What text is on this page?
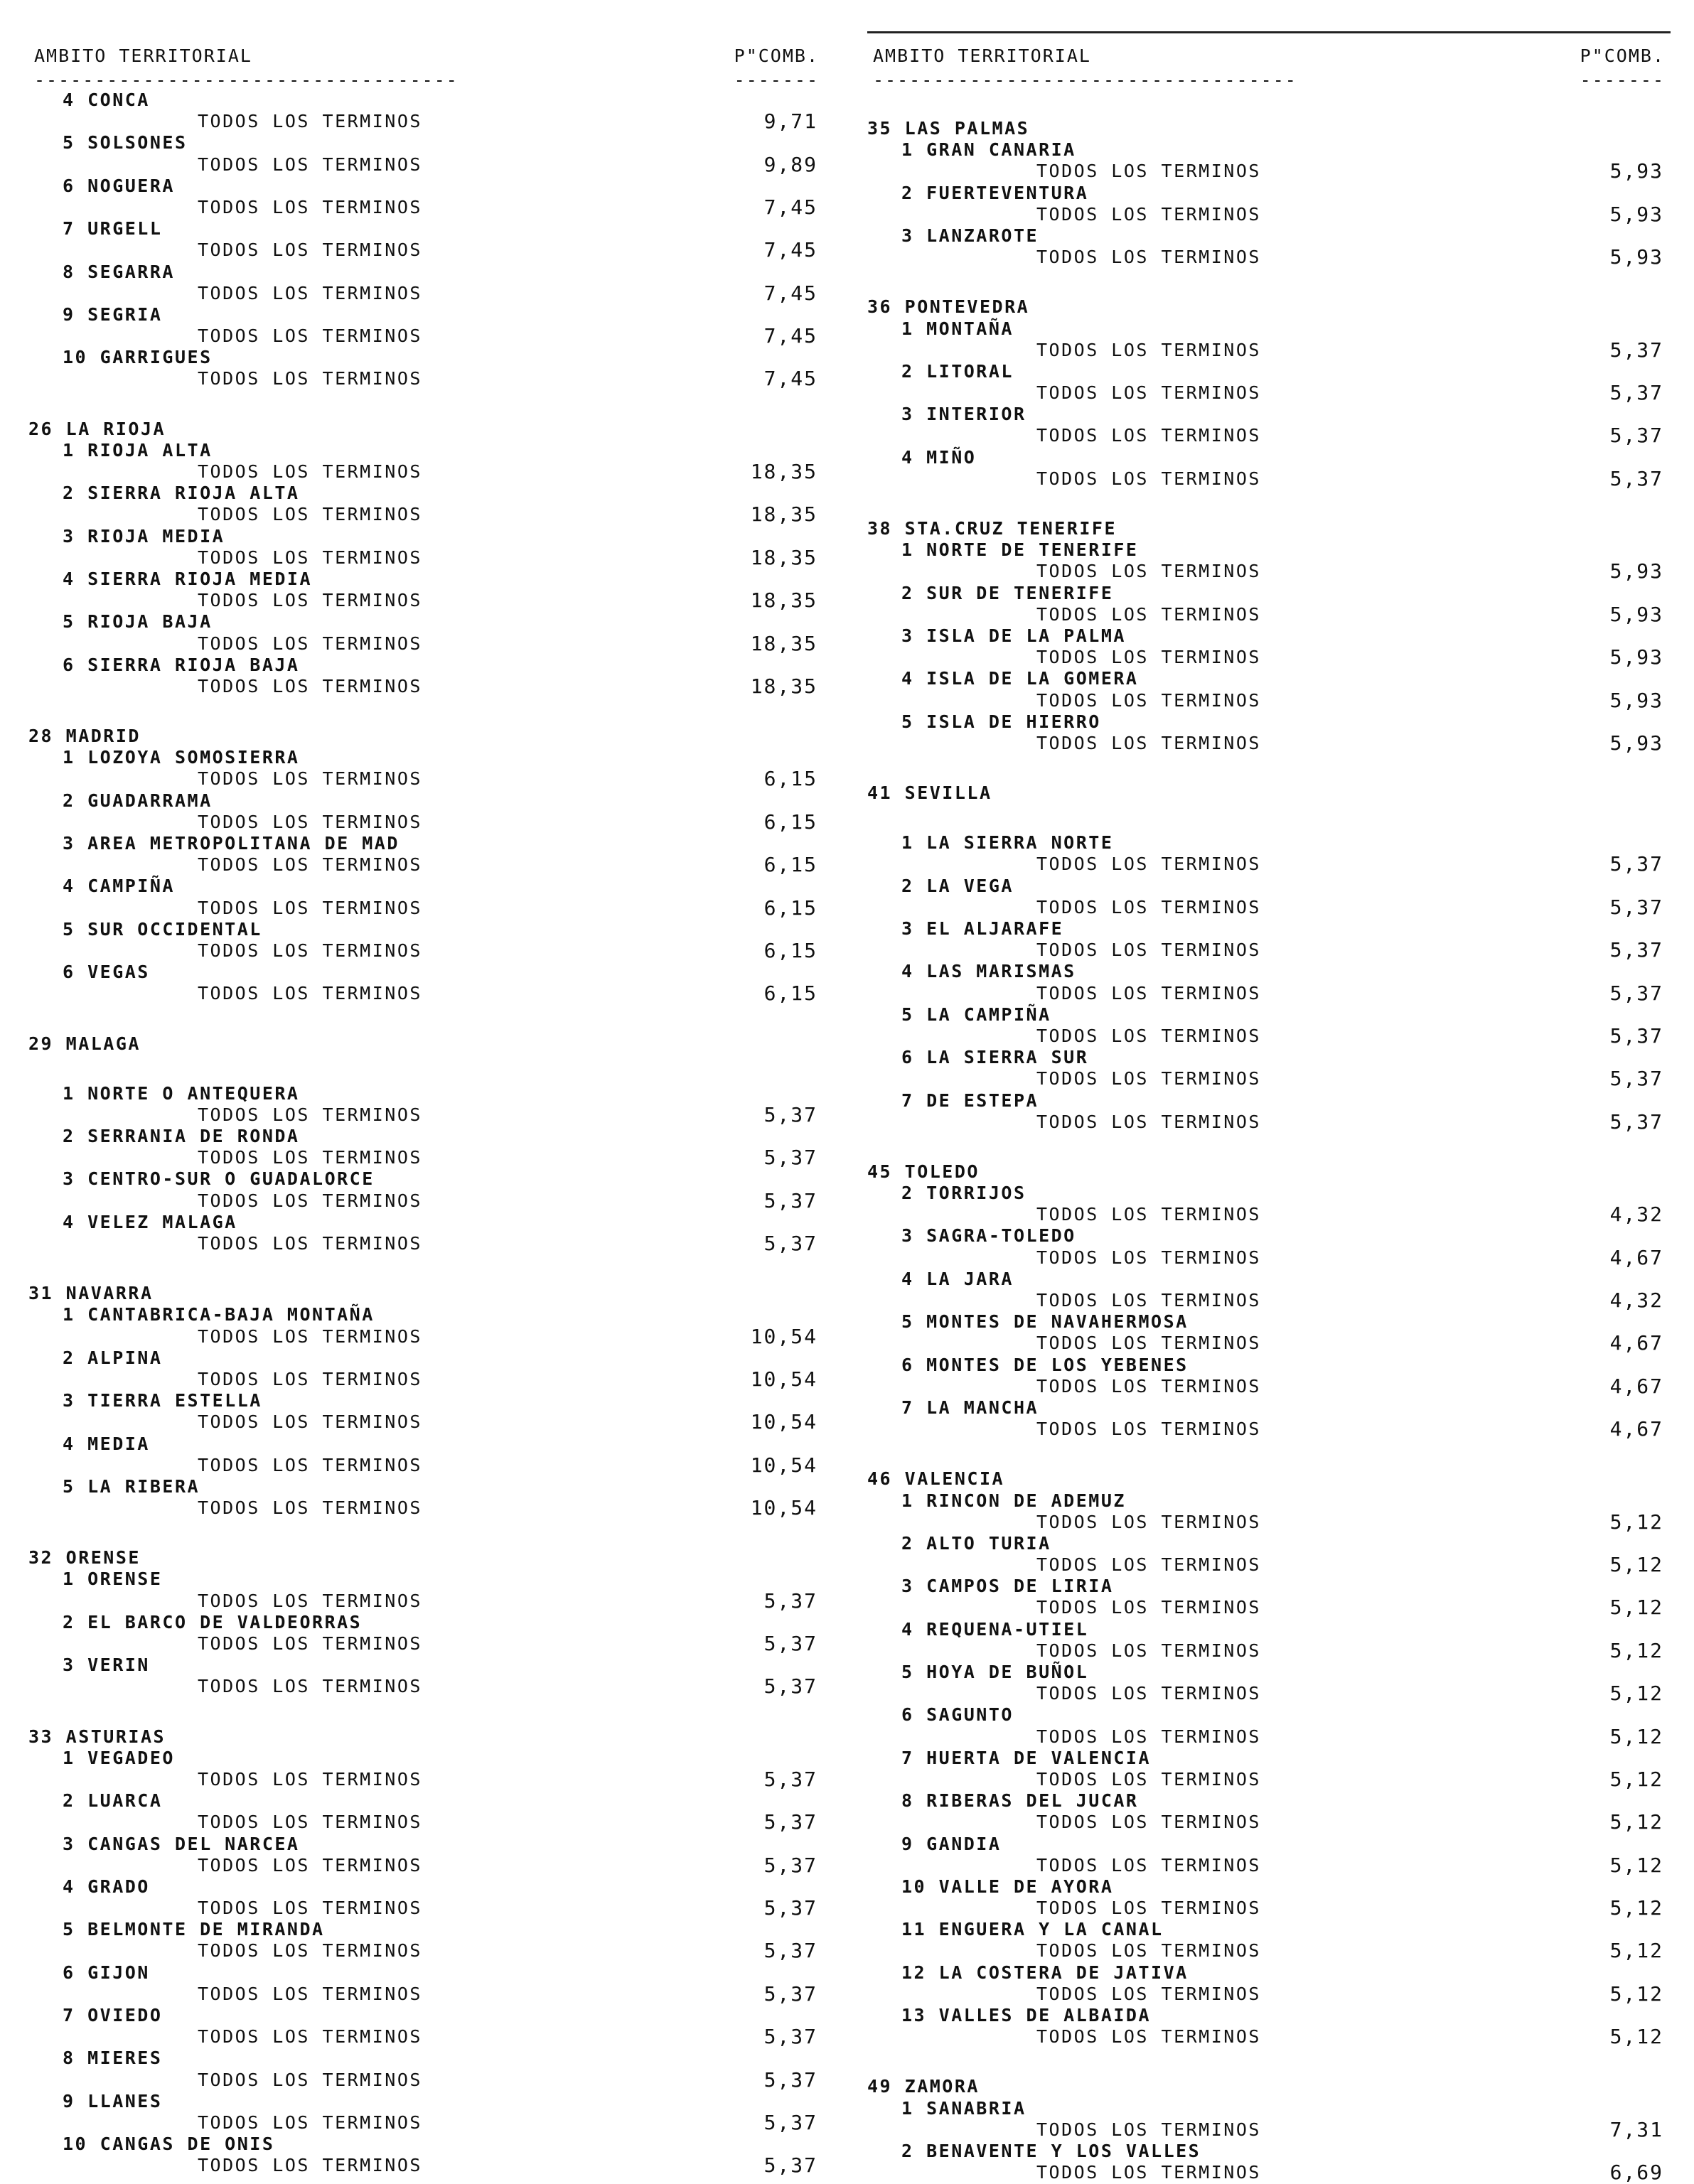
AMBITO TERRITORIAL	P"COMB.
-----------------------------------	-------
4 CONCA
TODOS LOS TERMINOS	9,71
5 SOLSONES
TODOS LOS TERMINOS	9,89
6 NOGUERA
TODOS LOS TERMINOS	7,45
7 URGELL
TODOS LOS TERMINOS	7,45
8 SEGARRA
TODOS LOS TERMINOS	7,45
9 SEGRIA
TODOS LOS TERMINOS	7,45
10 GARRIGUES
TODOS LOS TERMINOS	7,45
26 LA RIOJA
1 RIOJA ALTA
TODOS LOS TERMINOS	18,35
2 SIERRA RIOJA ALTA
TODOS LOS TERMINOS	18,35
3 RIOJA MEDIA
TODOS LOS TERMINOS	18,35
4 SIERRA RIOJA MEDIA
TODOS LOS TERMINOS	18,35
5 RIOJA BAJA
TODOS LOS TERMINOS	18,35
6 SIERRA RIOJA BAJA
TODOS LOS TERMINOS	18,35
28 MADRID
1 LOZOYA SOMOSIERRA
TODOS LOS TERMINOS	6,15
2 GUADARRAMA
TODOS LOS TERMINOS	6,15
3 AREA METROPOLITANA DE MAD
TODOS LOS TERMINOS	6,15
4 CAMPIÑA
TODOS LOS TERMINOS	6,15
5 SUR OCCIDENTAL
TODOS LOS TERMINOS	6,15
6 VEGAS
TODOS LOS TERMINOS	6,15
29 MALAGA
1 NORTE O ANTEQUERA
TODOS LOS TERMINOS	5,37
2 SERRANIA DE RONDA
TODOS LOS TERMINOS	5,37
3 CENTRO-SUR O GUADALORCE
TODOS LOS TERMINOS	5,37
4 VELEZ MALAGA
TODOS LOS TERMINOS	5,37
31 NAVARRA
1 CANTABRICA-BAJA MONTAÑA
TODOS LOS TERMINOS	10,54
2 ALPINA
TODOS LOS TERMINOS	10,54
3 TIERRA ESTELLA
TODOS LOS TERMINOS	10,54
4 MEDIA
TODOS LOS TERMINOS	10,54
5 LA RIBERA
TODOS LOS TERMINOS	10,54
32 ORENSE
1 ORENSE
TODOS LOS TERMINOS	5,37
2 EL BARCO DE VALDEORRAS
TODOS LOS TERMINOS	5,37
3 VERIN
TODOS LOS TERMINOS	5,37
33 ASTURIAS
1 VEGADEO
TODOS LOS TERMINOS	5,37
2 LUARCA
TODOS LOS TERMINOS	5,37
3 CANGAS DEL NARCEA
TODOS LOS TERMINOS	5,37
4 GRADO
TODOS LOS TERMINOS	5,37
5 BELMONTE DE MIRANDA
TODOS LOS TERMINOS	5,37
6 GIJON
TODOS LOS TERMINOS	5,37
7 OVIEDO
TODOS LOS TERMINOS	5,37
8 MIERES
TODOS LOS TERMINOS	5,37
9 LLANES
TODOS LOS TERMINOS	5,37
10 CANGAS DE ONIS
TODOS LOS TERMINOS	5,37
AMBITO TERRITORIAL	P"COMB.
-----------------------------------	-------
35 LAS PALMAS
1 GRAN CANARIA
TODOS LOS TERMINOS	5,93
2 FUERTEVENTURA
TODOS LOS TERMINOS	5,93
3 LANZAROTE
TODOS LOS TERMINOS	5,93
36 PONTEVEDRA
1 MONTAÑA
TODOS LOS TERMINOS	5,37
2 LITORAL
TODOS LOS TERMINOS	5,37
3 INTERIOR
TODOS LOS TERMINOS	5,37
4 MIÑO
TODOS LOS TERMINOS	5,37
38 STA.CRUZ TENERIFE
1 NORTE DE TENERIFE
TODOS LOS TERMINOS	5,93
2 SUR DE TENERIFE
TODOS LOS TERMINOS	5,93
3 ISLA DE LA PALMA
TODOS LOS TERMINOS	5,93
4 ISLA DE LA GOMERA
TODOS LOS TERMINOS	5,93
5 ISLA DE HIERRO
TODOS LOS TERMINOS	5,93
41 SEVILLA
1 LA SIERRA NORTE
TODOS LOS TERMINOS	5,37
2 LA VEGA
TODOS LOS TERMINOS	5,37
3 EL ALJARAFE
TODOS LOS TERMINOS	5,37
4 LAS MARISMAS
TODOS LOS TERMINOS	5,37
5 LA CAMPIÑA
TODOS LOS TERMINOS	5,37
6 LA SIERRA SUR
TODOS LOS TERMINOS	5,37
7 DE ESTEPA
TODOS LOS TERMINOS	5,37
45 TOLEDO
2 TORRIJOS
TODOS LOS TERMINOS	4,32
3 SAGRA-TOLEDO
TODOS LOS TERMINOS	4,67
4 LA JARA
TODOS LOS TERMINOS	4,32
5 MONTES DE NAVAHERMOSA
TODOS LOS TERMINOS	4,67
6 MONTES DE LOS YEBENES
TODOS LOS TERMINOS	4,67
7 LA MANCHA
TODOS LOS TERMINOS	4,67
46 VALENCIA
1 RINCON DE ADEMUZ
TODOS LOS TERMINOS	5,12
2 ALTO TURIA
TODOS LOS TERMINOS	5,12
3 CAMPOS DE LIRIA
TODOS LOS TERMINOS	5,12
4 REQUENA-UTIEL
TODOS LOS TERMINOS	5,12
5 HOYA DE BUÑOL
TODOS LOS TERMINOS	5,12
6 SAGUNTO
TODOS LOS TERMINOS	5,12
7 HUERTA DE VALENCIA
TODOS LOS TERMINOS	5,12
8 RIBERAS DEL JUCAR
TODOS LOS TERMINOS	5,12
9 GANDIA
TODOS LOS TERMINOS	5,12
10 VALLE DE AYORA
TODOS LOS TERMINOS	5,12
11 ENGUERA Y LA CANAL
TODOS LOS TERMINOS	5,12
12 LA COSTERA DE JATIVA
TODOS LOS TERMINOS	5,12
13 VALLES DE ALBAIDA
TODOS LOS TERMINOS	5,12
49 ZAMORA
1 SANABRIA
TODOS LOS TERMINOS	7,31
2 BENAVENTE Y LOS VALLES
TODOS LOS TERMINOS	6,69
